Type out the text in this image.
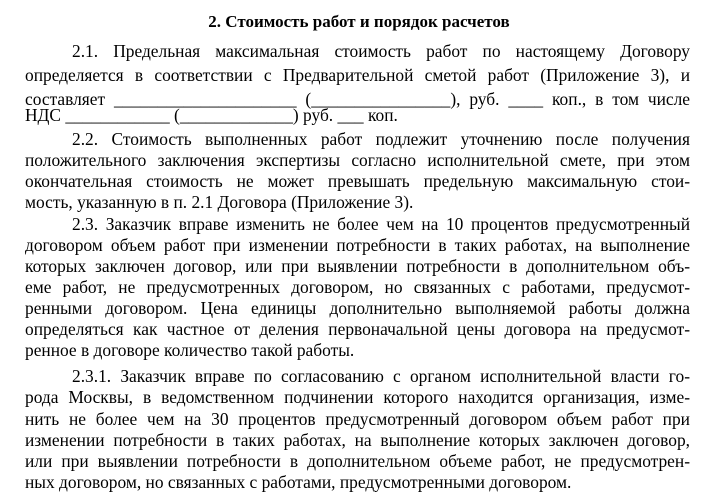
2. Стоимость работ и порядок расчетов
2.1. Предельная максимальная стоимость работ по настоящему Договору
определяется в соответствии с Предварительной сметой работ (Приложение 3), и
составляет _____________________ (________________), руб. ____ коп., в том числе
НДС ____________ (_____________) руб. ___ коп.
2.2. Стоимость выполненных работ подлежит уточнению после получения
положительного заключения экспертизы согласно исполнительной смете, при этом
окончательная стоимость не может превышать предельную максимальную стои-
мость, указанную в п. 2.1 Договора (Приложение 3).
2.3. Заказчик вправе изменить не более чем на 10 процентов предусмотренный
договором объем работ при изменении потребности в таких работах, на выполнение
которых заключен договор, или при выявлении потребности в дополнительном объ-
еме работ, не предусмотренных договором, но связанных с работами, предусмот-
ренными договором. Цена единицы дополнительно выполняемой работы должна
определяться как частное от деления первоначальной цены договора на предусмот-
ренное в договоре количество такой работы.
2.3.1. Заказчик вправе по согласованию с органом исполнительной власти го-
рода Москвы, в ведомственном подчинении которого находится организация, изме-
нить не более чем на 30 процентов предусмотренный договором объем работ при
изменении потребности в таких работах, на выполнение которых заключен договор,
или при выявлении потребности в дополнительном объеме работ, не предусмотрен-
ных договором, но связанных с работами, предусмотренными договором.
